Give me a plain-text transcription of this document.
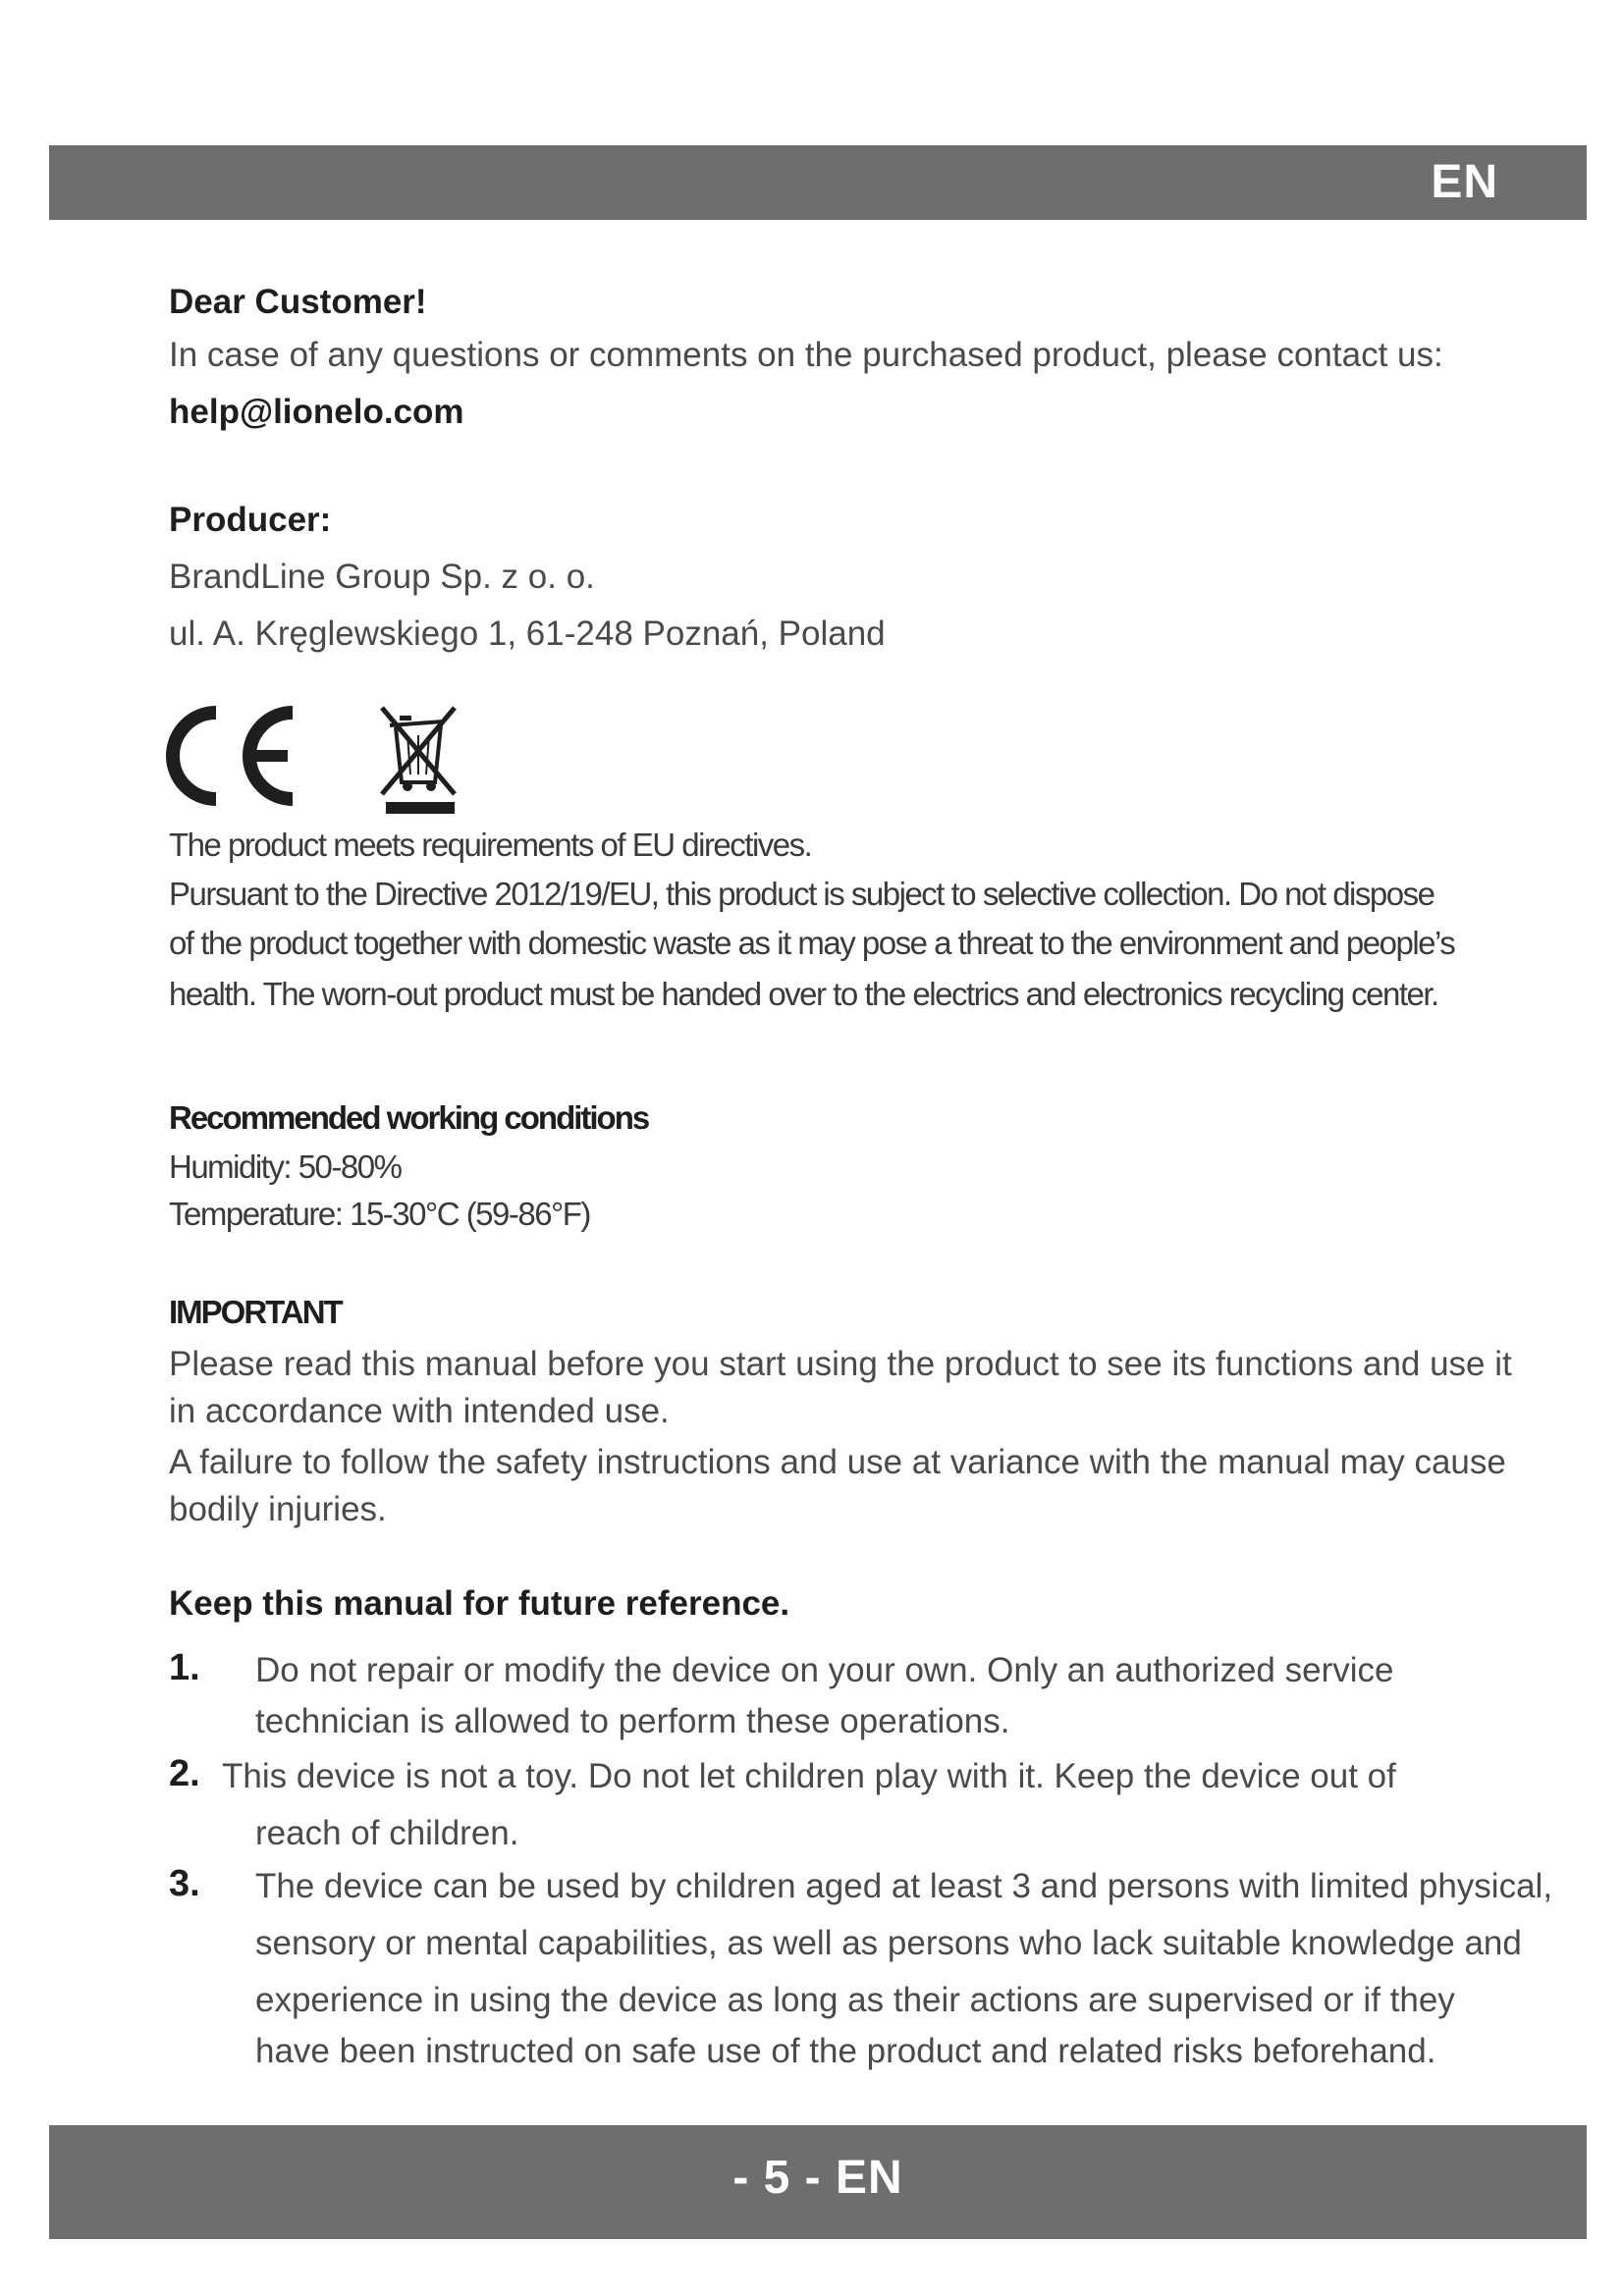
EN
Dear Customer!
In case of any questions or comments on the purchased product, please contact us:
help@lionelo.com
Producer:
BrandLine Group Sp. z o. o.
ul. A. Kręglewskiego 1, 61-248 Poznań, Poland
The product meets requirements of EU directives.
Pursuant to the Directive 2012/19/EU, this product is subject to selective collection. Do not dispose
of the product together with domestic waste as it may pose a threat to the environment and people’s
health. The worn-out product must be handed over to the electrics and electronics recycling center.
Recommended working conditions
Humidity: 50-80%
Temperature: 15-30°C (59-86°F)
IMPORTANT
Please read this manual before you start using the product to see its functions and use it
in accordance with intended use.
A failure to follow the safety instructions and use at variance with the manual may cause
bodily injuries.
Keep this manual for future reference.
1. Do not repair or modify the device on your own. Only an authorized service
technician is allowed to perform these operations.
2. This device is not a toy. Do not let children play with it. Keep the device out of
reach of children.
3. The device can be used by children aged at least 3 and persons with limited physical,
sensory or mental capabilities, as well as persons who lack suitable knowledge and
experience in using the device as long as their actions are supervised or if they
have been instructed on safe use of the product and related risks beforehand.
- 5 - EN
